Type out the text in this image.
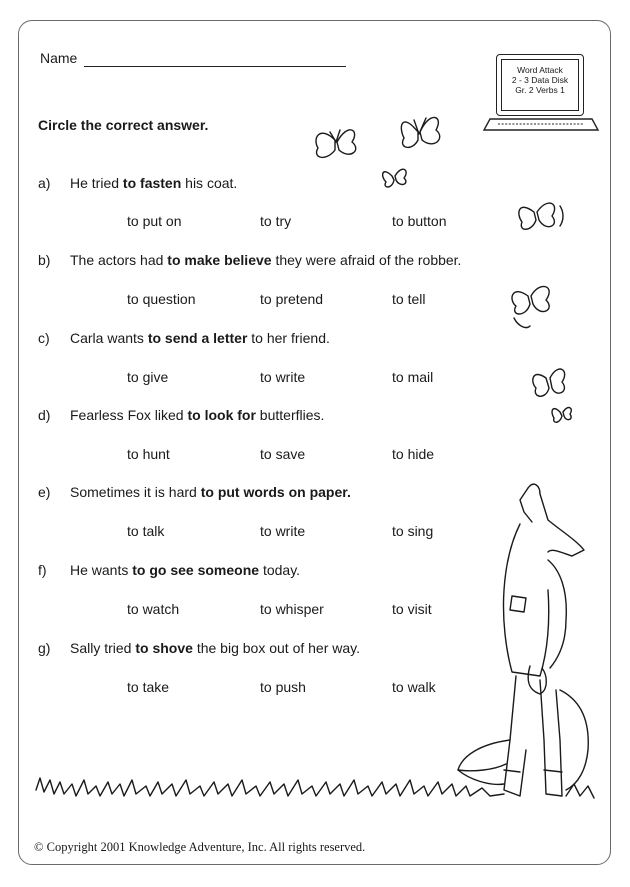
Name
Word Attack
2 - 3 Data Disk
Gr. 2 Verbs 1
Circle the correct answer.
a) He tried to fasten his coat.
to put on	to try	to button
b) The actors had to make believe they were afraid of the robber.
to question	to pretend	to tell
c) Carla wants to send a letter to her friend.
to give	to write	to mail
d) Fearless Fox liked to look for butterflies.
to hunt	to save	to hide
e) Sometimes it is hard to put words on paper.
to talk	to write	to sing
f) He wants to go see someone today.
to watch	to whisper	to visit
g) Sally tried to shove the big box out of her way.
to take	to push	to walk
© Copyright 2001 Knowledge Adventure, Inc. All rights reserved.
